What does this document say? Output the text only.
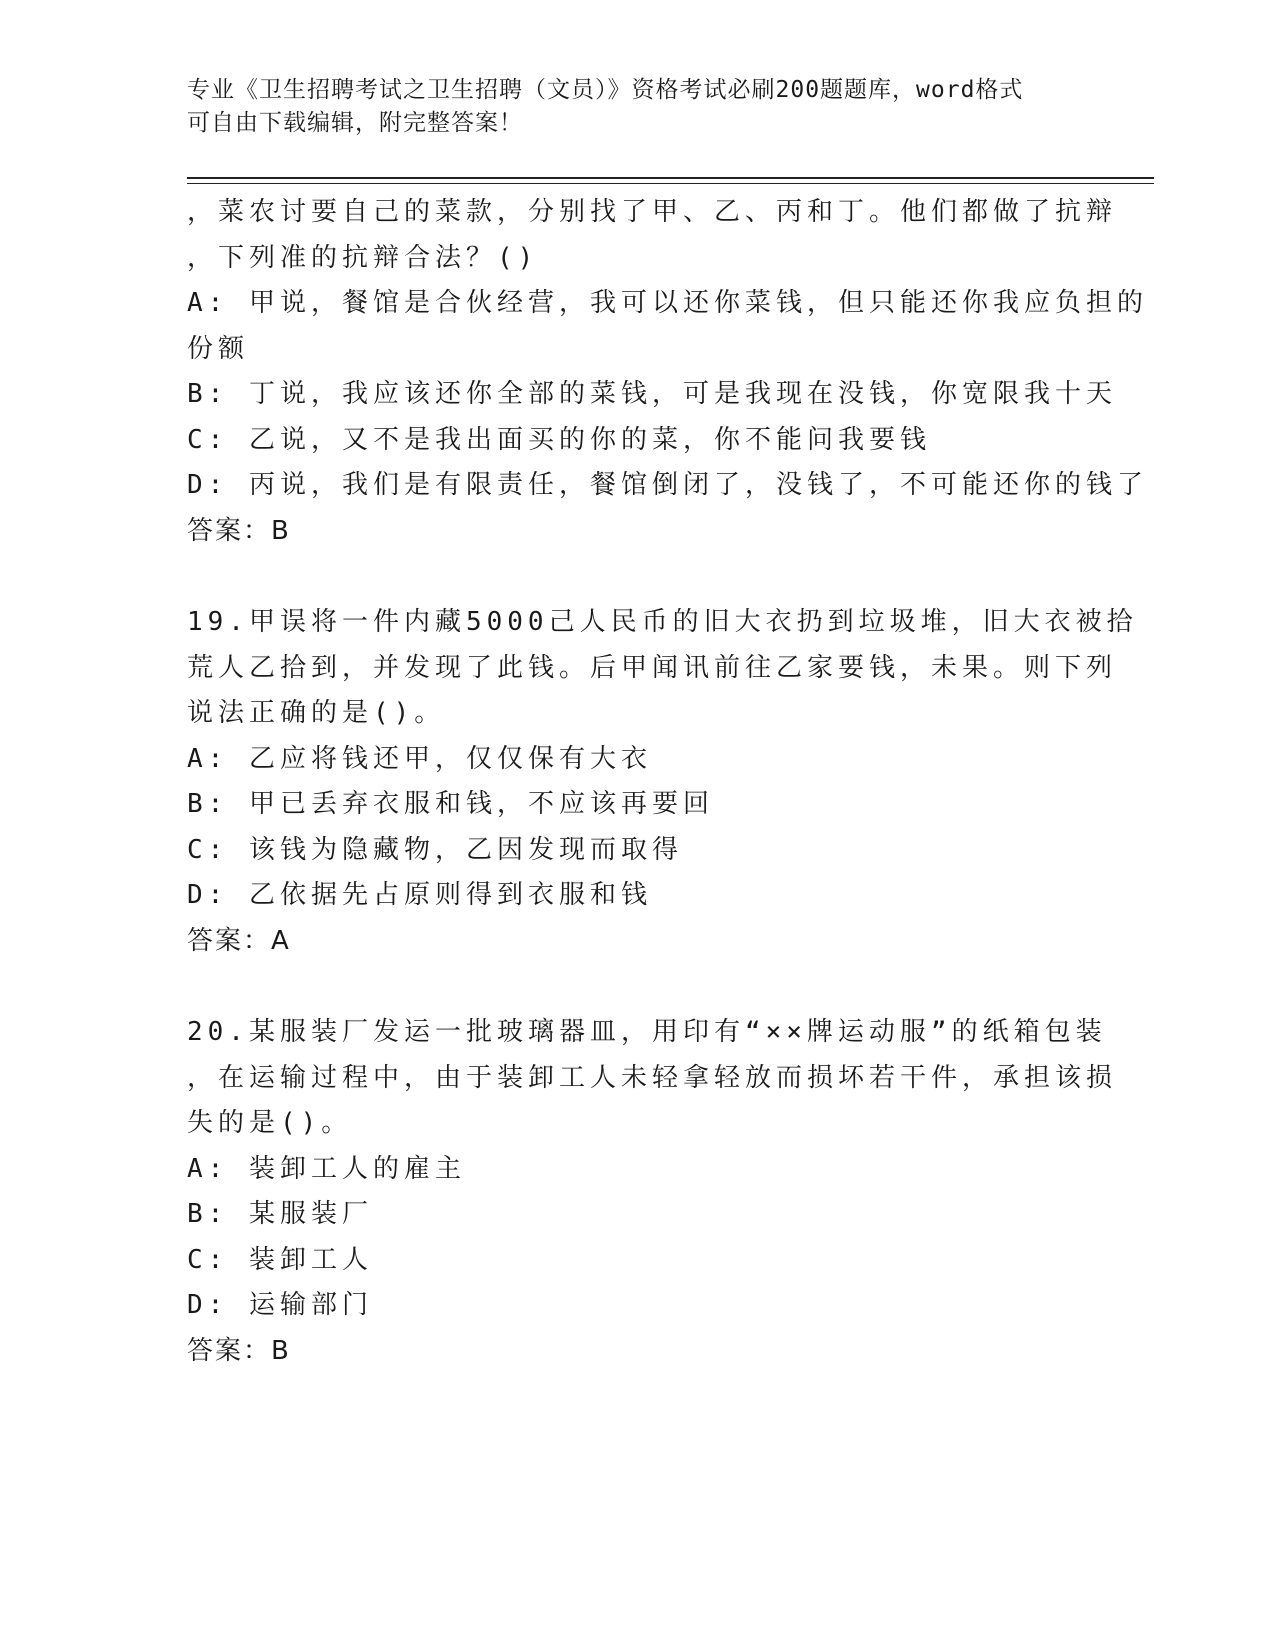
专业《卫生招聘考试之卫生招聘（文员）》资格考试必刷200题题库，word格式
可自由下载编辑，附完整答案！

，菜农讨要自己的菜款，分别找了甲、乙、丙和丁。他们都做了抗辩

，下列准的抗辩合法？()

A: 甲说，餐馆是合伙经营，我可以还你菜钱，但只能还你我应负担的

份额

B: 丁说，我应该还你全部的菜钱，可是我现在没钱，你宽限我十天

C: 乙说，又不是我出面买的你的菜，你不能问我要钱

D: 丙说，我们是有限责任，餐馆倒闭了，没钱了，不可能还你的钱了

答案：B

19.甲误将一件内藏5000己人民币的旧大衣扔到垃圾堆，旧大衣被拾

荒人乙拾到，并发现了此钱。后甲闻讯前往乙家要钱，未果。则下列

说法正确的是()。

A: 乙应将钱还甲，仅仅保有大衣

B: 甲已丢弃衣服和钱，不应该再要回

C: 该钱为隐藏物，乙因发现而取得

D: 乙依据先占原则得到衣服和钱

答案：A

20.某服装厂发运一批玻璃器皿，用印有“××牌运动服”的纸箱包装

，在运输过程中，由于装卸工人未轻拿轻放而损坏若干件，承担该损

失的是()。

A: 装卸工人的雇主

B: 某服装厂

C: 装卸工人

D: 运输部门

答案：B
